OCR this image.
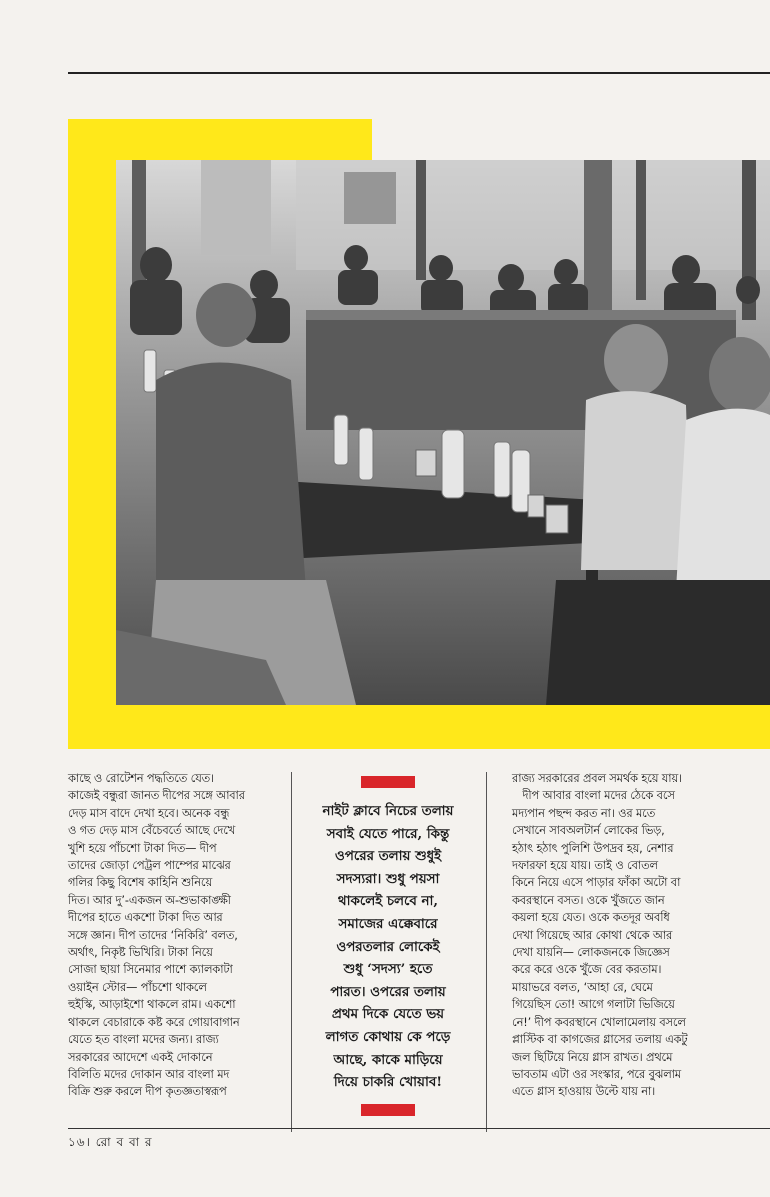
কাছে ও রোটেশন পদ্ধতিতে যেত।

কাজেই বন্ধুরা জানত দীপের সঙ্গে আবার

দেড় মাস বাদে দেখা হবে। অনেক বন্ধু

ও গত দেড় মাস বেঁচেবর্তে আছে দেখে

খুশি হয়ে পাঁচশো টাকা দিত— দীপ

তাদের জোড়া পেট্রল পাম্পের মাঝের

গলির কিছু বিশেষ কাহিনি শুনিয়ে

দিত। আর দু’-একজন অ-শুভাকাঙ্ক্ষী

দীপের হাতে একশো টাকা দিত আর

সঙ্গে জ্ঞান। দীপ তাদের ‘নিকিরি’ বলত,

অর্থাৎ, নিকৃষ্ট ভিখিরি। টাকা নিয়ে

সোজা ছায়া সিনেমার পাশে ক্যালকাটা

ওয়াইন স্টোর— পাঁচশো থাকলে

হুইস্কি, আড়াইশো থাকলে রাম। একশো

থাকলে বেচারাকে কষ্ট করে গোয়াবাগান

যেতে হত বাংলা মদের জন্য। রাজ্য

সরকারের আদেশে একই দোকানে

বিলিতি মদের দোকান আর বাংলা মদ

বিক্রি শুরু করলে দীপ কৃতজ্ঞতাস্বরূপ

নাইট ক্লাবে নিচের তলায়

সবাই যেতে পারে, কিন্তু

ওপরের তলায় শুধুই

সদস্যরা। শুধু পয়সা

থাকলেই চলবে না,

সমাজের এক্কেবারে

ওপরতলার লোকেই

শুধু ‘সদস্য’ হতে

পারত। ওপরের তলায়

প্রথম দিকে যেতে ভয়

লাগত কোথায় কে পড়ে

আছে, কাকে মাড়িয়ে

দিয়ে চাকরি খোয়াব!

রাজ্য সরকারের প্রবল সমর্থক হয়ে যায়।

দীপ আবার বাংলা মদের ঠেকে বসে

মদ্যপান পছন্দ করত না। ওর মতে

সেখানে সাবঅলটার্ন লোকের ভিড়,

হঠাৎ হঠাৎ পুলিশি উপদ্রব হয়, নেশার

দফারফা হয়ে যায়। তাই ও বোতল

কিনে নিয়ে এসে পাড়ার ফাঁকা অটো বা

কবরস্থানে বসত। ওকে খুঁজতে জান

কয়লা হয়ে যেত। ওকে কতদূর অবধি

দেখা গিয়েছে আর কোথা থেকে আর

দেখা যায়নি— লোকজনকে জিজ্ঞেস

করে করে ওকে খুঁজে বের করতাম।

মায়াভরে বলত, ‘আহা রে, ঘেমে

গিয়েছিস তো! আগে গলাটা ভিজিয়ে

নে!’ দীপ কবরস্থানে খোলামেলায় বসলে

প্লাস্টিক বা কাগজের গ্লাসের তলায় একটু

জল ছিটিয়ে নিয়ে গ্লাস রাখত। প্রথমে

ভাবতাম এটা ওর সংস্কার, পরে বুঝলাম

এতে গ্লাস হাওয়ায় উল্টে যায় না।

১৬। রো ব বা র
